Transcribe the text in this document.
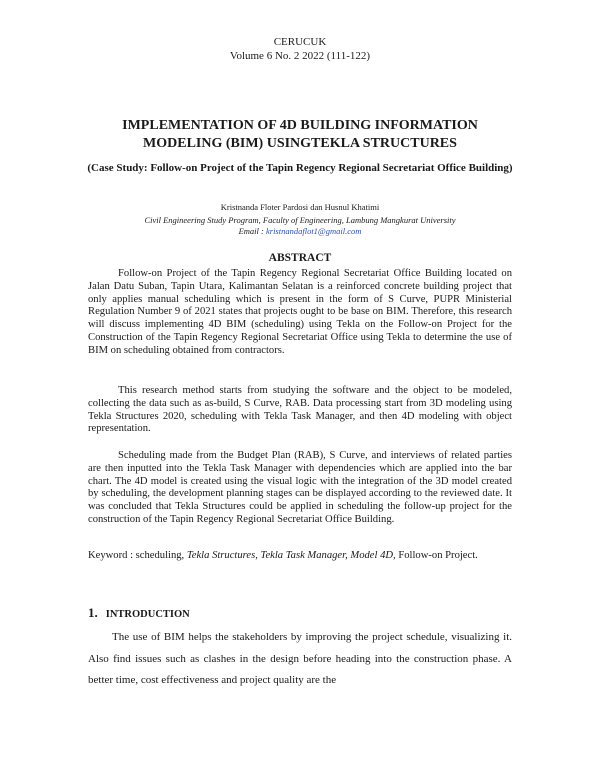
CERUCUK
Volume 6 No. 2 2022 (111-122)
IMPLEMENTATION OF 4D BUILDING INFORMATION
MODELING (BIM) USINGTEKLA STRUCTURES
(Case Study: Follow-on Project of the Tapin Regency Regional Secretariat Office Building)
Kristnanda Floter Pardosi dan Husnul Khatimi
Civil Engineering Study Program, Faculty of Engineering, Lambung Mangkurat University
Email : kristnandaflot1@gmail.com
ABSTRACT
Follow-on Project of the Tapin Regency Regional Secretariat Office Building located on Jalan Datu Suban, Tapin Utara, Kalimantan Selatan is a reinforced concrete building project that only applies manual scheduling which is present in the form of S Curve, PUPR Ministerial Regulation Number 9 of 2021 states that projects ought to be base on BIM. Therefore, this research will discuss implementing 4D BIM (scheduling) using Tekla on the Follow-on Project for the Construction of the Tapin Regency Regional Secretariat Office using Tekla to determine the use of BIM on scheduling obtained from contractors.
This research method starts from studying the software and the object to be modeled, collecting the data such as as-build, S Curve, RAB. Data processing start from 3D modeling using Tekla Structures 2020, scheduling with Tekla Task Manager, and then 4D modeling with object representation.
Scheduling made from the Budget Plan (RAB), S Curve, and interviews of related parties are then inputted into the Tekla Task Manager with dependencies which are applied into the bar chart. The 4D model is created using the visual logic with the integration of the 3D model created by scheduling, the development planning stages can be displayed according to the reviewed date. It was concluded that Tekla Structures could be applied in scheduling the follow-up project for the construction of the Tapin Regency Regional Secretariat Office Building.
Keyword : scheduling, Tekla Structures, Tekla Task Manager, Model 4D, Follow-on Project.
1. INTRODUCTION
The use of BIM helps the stakeholders by improving the project schedule, visualizing it. Also find issues such as clashes in the design before heading into the construction phase. A better time, cost effectiveness and project quality are the
